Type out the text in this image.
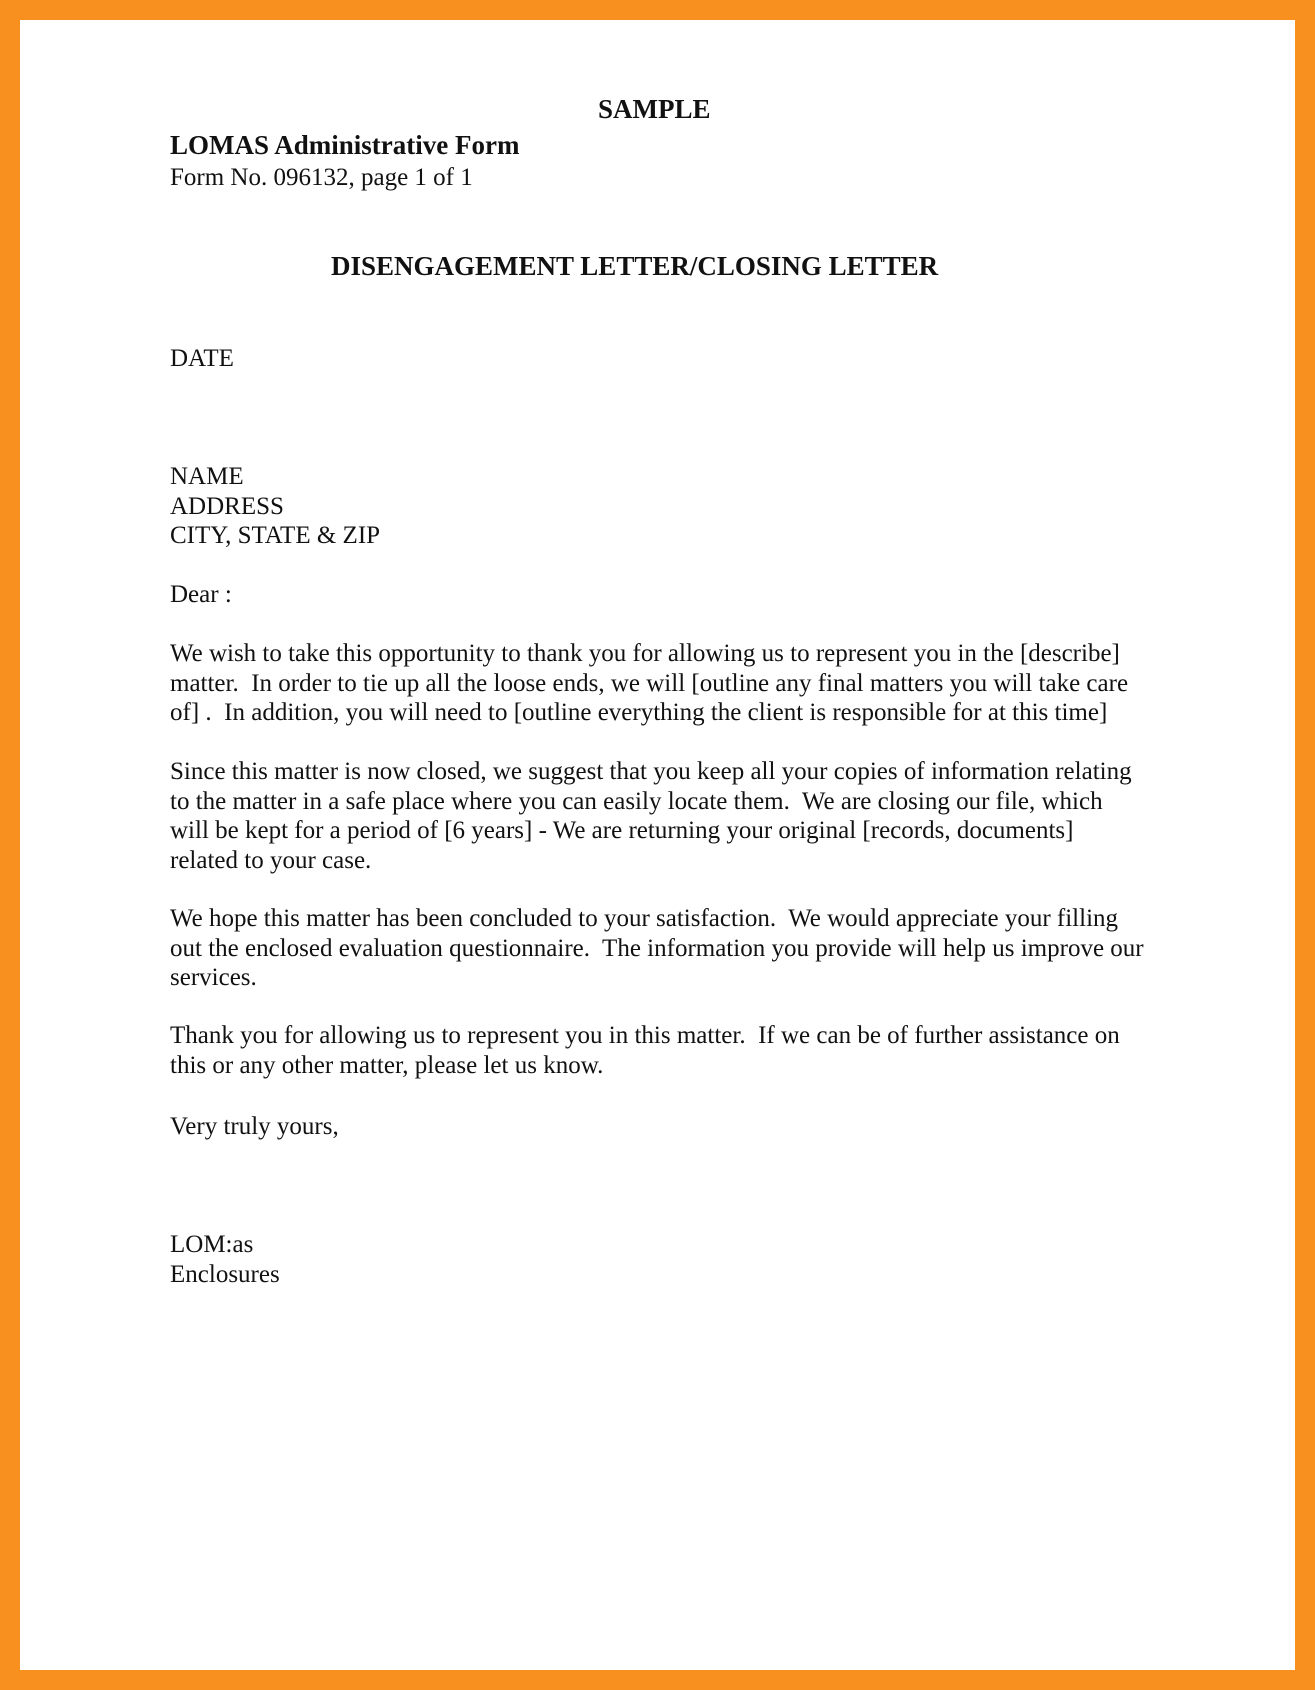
SAMPLE

LOMAS Administrative Form

Form No. 096132, page 1 of 1

DISENGAGEMENT LETTER/CLOSING LETTER

DATE

NAME
ADDRESS
CITY, STATE & ZIP

Dear :

We wish to take this opportunity to thank you for allowing us to represent you in the [describe]
matter.  In order to tie up all the loose ends, we will [outline any final matters you will take care
of] .  In addition, you will need to [outline everything the client is responsible for at this time]
Since this matter is now closed, we suggest that you keep all your copies of information relating
to the matter in a safe place where you can easily locate them.  We are closing our file, which
will be kept for a period of [6 years] - We are returning your original [records, documents]
related to your case.
We hope this matter has been concluded to your satisfaction.  We would appreciate your filling
out the enclosed evaluation questionnaire.  The information you provide will help us improve our
services.
Thank you for allowing us to represent you in this matter.  If we can be of further assistance on
this or any other matter, please let us know.

Very truly yours,

LOM:as
Enclosures
